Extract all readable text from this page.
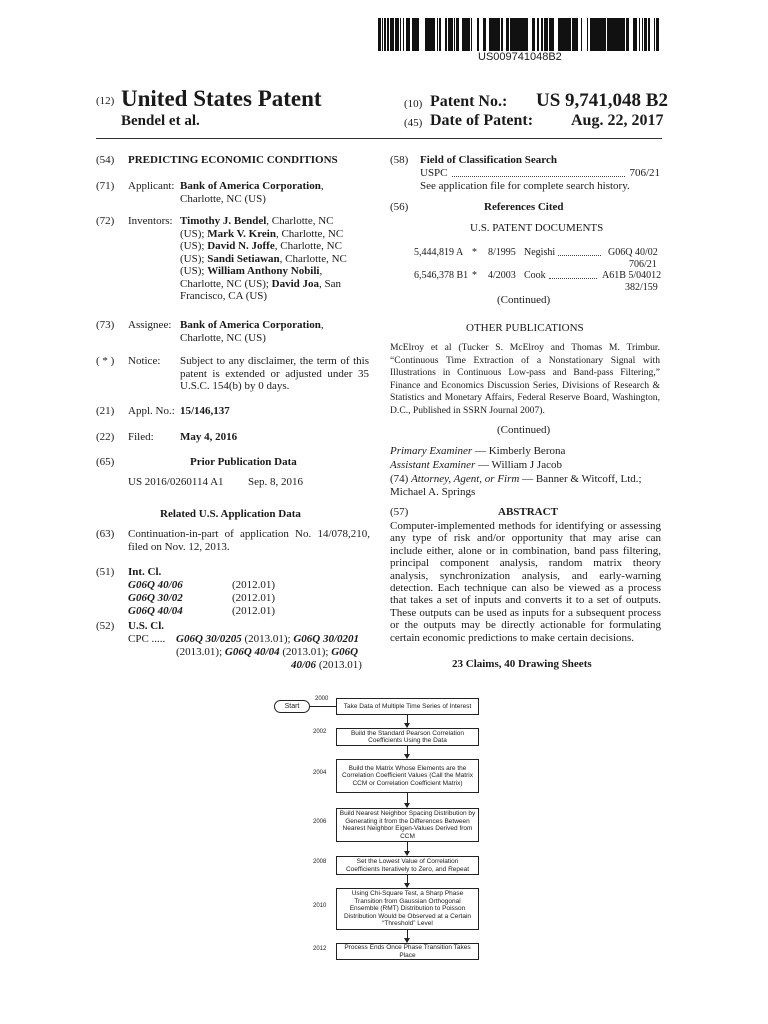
US009741048B2
(12) United States Patent
Bendel et al.
(10) Patent No.: US 9,741,048 B2
(45) Date of Patent: Aug. 22, 2017
(54) PREDICTING ECONOMIC CONDITIONS
(71) Applicant: Bank of America Corporation,
Charlotte, NC (US)
(72) Inventors: Timothy J. Bendel, Charlotte, NC
(US); Mark V. Krein, Charlotte, NC
(US); David N. Joffe, Charlotte, NC
(US); Sandi Setiawan, Charlotte, NC
(US); William Anthony Nobili,
Charlotte, NC (US); David Joa, San
Francisco, CA (US)
(73) Assignee: Bank of America Corporation,
Charlotte, NC (US)
( * ) Notice: Subject to any disclaimer, the term of this patent is extended or adjusted under 35 U.S.C. 154(b) by 0 days.
(21) Appl. No.: 15/146,137
(22) Filed: May 4, 2016
(65)	Prior Publication Data
US 2016/0260114 A1 Sep. 8, 2016
Related U.S. Application Data
(63) Continuation-in-part of application No. 14/078,210, filed on Nov. 12, 2013.
(51) Int. Cl.
G06Q 40/06	(2012.01)
G06Q 30/02	(2012.01)
G06Q 40/04	(2012.01)
(52) U.S. Cl.
CPC ..... G06Q 30/0205 (2013.01); G06Q 30/0201
(2013.01); G06Q 40/04 (2013.01); G06Q
40/06 (2013.01)
(58) Field of Classification Search
USPC	706/21
See application file for complete search history.
(56)	References Cited
U.S. PATENT DOCUMENTS
5,444,819 A * 8/1995 Negishi	G06Q 40/02
706/21
6,546,378 B1 * 4/2003 Cook	A61B 5/04012
382/159
(Continued)
OTHER PUBLICATIONS
McElroy et al (Tucker S. McElroy and Thomas M. Trimbur. “Continuous Time Extraction of a Nonstationary Signal with Illustrations in Continuous Low-pass and Band-pass Filtering,” Finance and Economics Discussion Series, Divisions of Research & Statistics and Monetary Affairs, Federal Reserve Board, Washington, D.C., Published in SSRN Journal 2007).
(Continued)
Primary Examiner — Kimberly Berona
Assistant Examiner — William J Jacob
(74) Attorney, Agent, or Firm — Banner & Witcoff, Ltd.;
Michael A. Springs
(57)	ABSTRACT
Computer-implemented methods for identifying or assessing any type of risk and/or opportunity that may arise can include either, alone or in combination, band pass filtering, principal component analysis, random matrix theory analysis, synchronization analysis, and early-warning detection. Each technique can also be viewed as a process that takes a set of inputs and converts it to a set of outputs. These outputs can be used as inputs for a subsequent process or the outputs may be directly actionable for formulating certain economic predictions to make certain decisions.
23 Claims, 40 Drawing Sheets
Start
2000
Take Data of Multiple Time Series of Interest
2002	Build the Standard Pearson Correlation Coefficients Using the Data
2004
Build the Matrix Whose Elements are the Correlation Coefficient Values (Call the Matrix CCM or Correlation Coefficient Matrix)
2006
Build Nearest Neighbor Spacing Distribution by Generating it from the Differences Between Nearest Neighbor Eigen-Values Derived from CCM
2008	Set the Lowest Value of Correlation Coefficients Iteratively to Zero, and Repeat
2010
Using Chi-Square Test, a Sharp Phase Transition from Gaussian Orthogonal Ensemble (RMT) Distribution to Poisson Distribution Would be Observed at a Certain “Threshold” Level
2012	Process Ends Once Phase Transition Takes Place
